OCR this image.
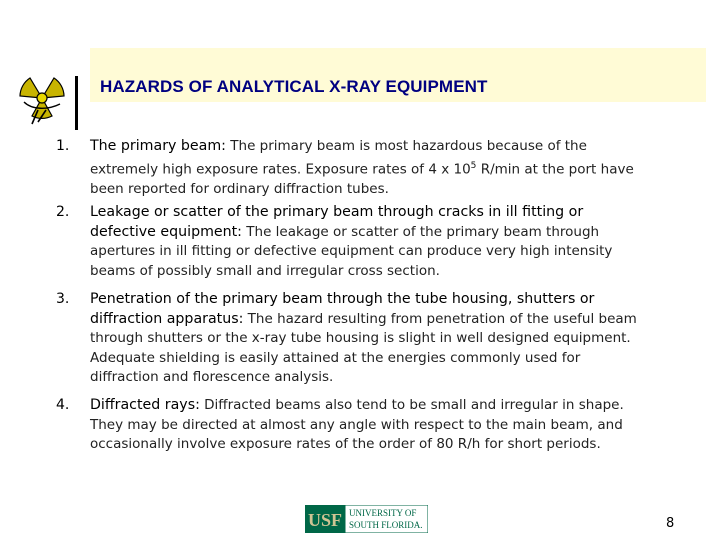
HAZARDS OF ANALYTICAL X-RAY EQUIPMENT
1. The primary beam: The primary beam is most hazardous because of the extremely high exposure rates. Exposure rates of 4 x $10^5$ R/min at the port have been reported for ordinary diffraction tubes.
2. Leakage or scatter of the primary beam through cracks in ill fitting or defective equipment: The leakage or scatter of the primary beam through apertures in ill fitting or defective equipment can produce very high intensity beams of possibly small and irregular cross section.
3. Penetration of the primary beam through the tube housing, shutters or diffraction apparatus: The hazard resulting from penetration of the useful beam through shutters or the x-ray tube housing is slight in well designed equipment. Adequate shielding is easily attained at the energies commonly used for diffraction and florescence analysis.
4. Diffracted rays: Diffracted beams also tend to be small and irregular in shape. They may be directed at almost any angle with respect to the main beam, and occasionally involve exposure rates of the order of 80 R/h for short periods.
USF UNIVERSITY OF
SOUTH FLORIDA.	8
